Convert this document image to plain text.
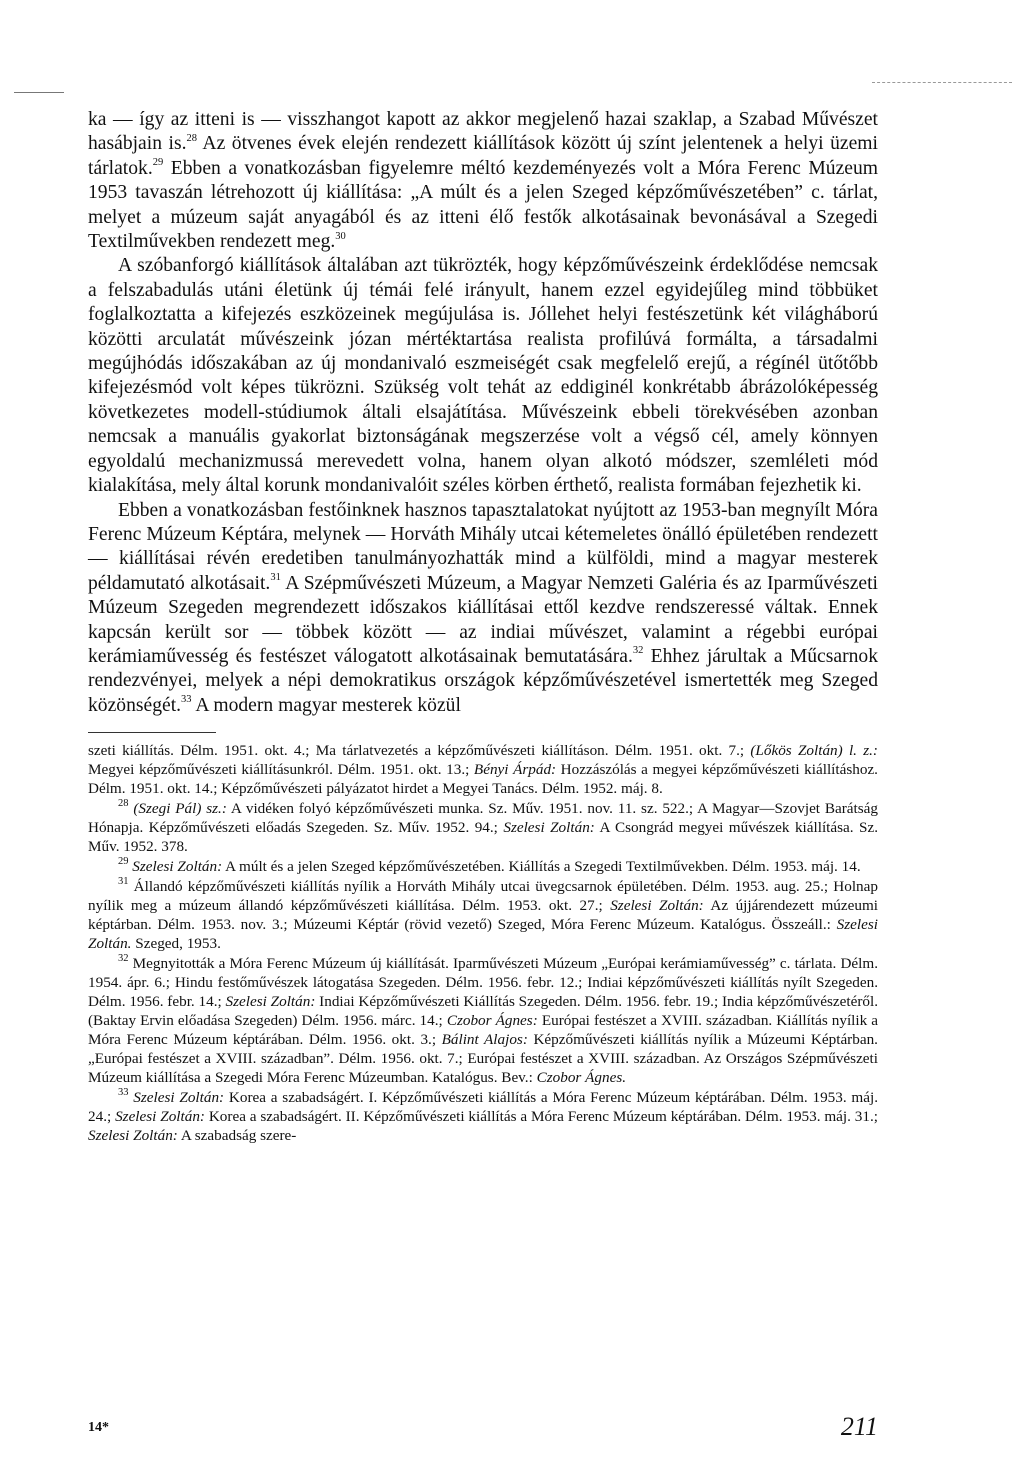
ka — így az itteni is — visszhangot kapott az akkor megjelenő hazai szaklap, a Szabad Művészet hasábjain is.$^{28}$ Az ötvenes évek elején rendezett kiállítások között új színt jelentenek a helyi üzemi tárlatok.$^{29}$ Ebben a vonatkozásban figyelemre méltó kezdeményezés volt a Móra Ferenc Múzeum 1953 tavaszán létrehozott új kiállítása: „A múlt és a jelen Szeged képzőművészetében” c. tárlat, melyet a múzeum saját anyagából és az itteni élő festők alkotásainak bevonásával a Szegedi Textilművekben rendezett meg.$^{30}$

A szóbanforgó kiállítások általában azt tükrözték, hogy képzőművészeink érdeklődése nemcsak a felszabadulás utáni életünk új témái felé irányult, hanem ezzel egyidejűleg mind többüket foglalkoztatta a kifejezés eszközeinek megújulása is. Jóllehet helyi festészetünk két világháború közötti arculatát művészeink józan mértéktartása realista profilúvá formálta, a társadalmi megújhódás időszakában az új mondanivaló eszmeiségét csak megfelelő erejű, a régínél ütőtőbb kifejezésmód volt képes tükrözni. Szükség volt tehát az eddiginél konkrétabb ábrázolóképesség következetes modell-stúdiumok általi elsajátítása. Művészeink ebbeli törekvésében azonban nemcsak a manuális gyakorlat biztonságának megszerzése volt a végső cél, amely könnyen egyoldalú mechanizmussá merevedett volna, hanem olyan alkotó módszer, szemléleti mód kialakítása, mely által korunk mondanivalóit széles körben érthető, realista formában fejezhetik ki.

Ebben a vonatkozásban festőinknek hasznos tapasztalatokat nyújtott az 1953-ban megnyílt Móra Ferenc Múzeum Képtára, melynek — Horváth Mihály utcai kétemeletes önálló épületében rendezett — kiállításai révén eredetiben tanulmányozhatták mind a külföldi, mind a magyar mesterek példamutató alkotásait.$^{31}$ A Szépművészeti Múzeum, a Magyar Nemzeti Galéria és az Iparművészeti Múzeum Szegeden megrendezett időszakos kiállításai ettől kezdve rendszeressé váltak. Ennek kapcsán került sor — többek között — az indiai művészet, valamint a régebbi európai kerámiaművesség és festészet válogatott alkotásainak bemutatására.$^{32}$ Ehhez járultak a Műcsarnok rendezvényei, melyek a népi demokratikus országok képzőművészetével ismertették meg Szeged közönségét.$^{33}$ A modern magyar mesterek közül

szeti kiállítás. Délm. 1951. okt. 4.; Ma tárlatvezetés a képzőművészeti kiállításon. Délm. 1951. okt. 7.; (Lőkös Zoltán) l. z.: Megyei képzőművészeti kiállításunkról. Délm. 1951. okt. 13.; Bényi Árpád: Hozzászólás a megyei képzőművészeti kiállításhoz. Délm. 1951. okt. 14.; Képzőművészeti pályázatot hirdet a Megyei Tanács. Délm. 1952. máj. 8.

$^{28}$ (Szegi Pál) sz.: A vidéken folyó képzőművészeti munka. Sz. Műv. 1951. nov. 11. sz. 522.; A Magyar—Szovjet Barátság Hónapja. Képzőművészeti előadás Szegeden. Sz. Műv. 1952. 94.; Szelesi Zoltán: A Csongrád megyei művészek kiállítása. Sz. Műv. 1952. 378.

$^{29}$ Szelesi Zoltán: A múlt és a jelen Szeged képzőművészetében. Kiállítás a Szegedi Textilművekben. Délm. 1953. máj. 14.

$^{31}$ Állandó képzőművészeti kiállítás nyílik a Horváth Mihály utcai üvegcsarnok épületében. Délm. 1953. aug. 25.; Holnap nyílik meg a múzeum állandó képzőművészeti kiállítása. Délm. 1953. okt. 27.; Szelesi Zoltán: Az újjárendezett múzeumi képtárban. Délm. 1953. nov. 3.; Múzeumi Képtár (rövid vezető) Szeged, Móra Ferenc Múzeum. Katalógus. Összeáll.: Szelesi Zoltán. Szeged, 1953.

$^{32}$ Megnyitották a Móra Ferenc Múzeum új kiállítását. Iparművészeti Múzeum „Európai kerámiaművesség” c. tárlata. Délm. 1954. ápr. 6.; Hindu festőművészek látogatása Szegeden. Délm. 1956. febr. 12.; Indiai képzőművészeti kiállítás nyílt Szegeden. Délm. 1956. febr. 14.; Szelesi Zoltán: Indiai Képzőművészeti Kiállítás Szegeden. Délm. 1956. febr. 19.; India képzőművészetéről. (Baktay Ervin előadása Szegeden) Délm. 1956. márc. 14.; Czobor Ágnes: Európai festészet a XVIII. században. Kiállítás nyílik a Móra Ferenc Múzeum képtárában. Délm. 1956. okt. 3.; Bálint Alajos: Képzőművészeti kiállítás nyílik a Múzeumi Képtárban. „Európai festészet a XVIII. században”. Délm. 1956. okt. 7.; Európai festészet a XVIII. században. Az Országos Szépművészeti Múzeum kiállítása a Szegedi Móra Ferenc Múzeumban. Katalógus. Bev.: Czobor Ágnes.

$^{33}$ Szelesi Zoltán: Korea a szabadságért. I. Képzőművészeti kiállítás a Móra Ferenc Múzeum képtárában. Délm. 1953. máj. 24.; Szelesi Zoltán: Korea a szabadságért. II. Képzőművészeti kiállítás a Móra Ferenc Múzeum képtárában. Délm. 1953. máj. 31.; Szelesi Zoltán: A szabadság szere-

14*	211
